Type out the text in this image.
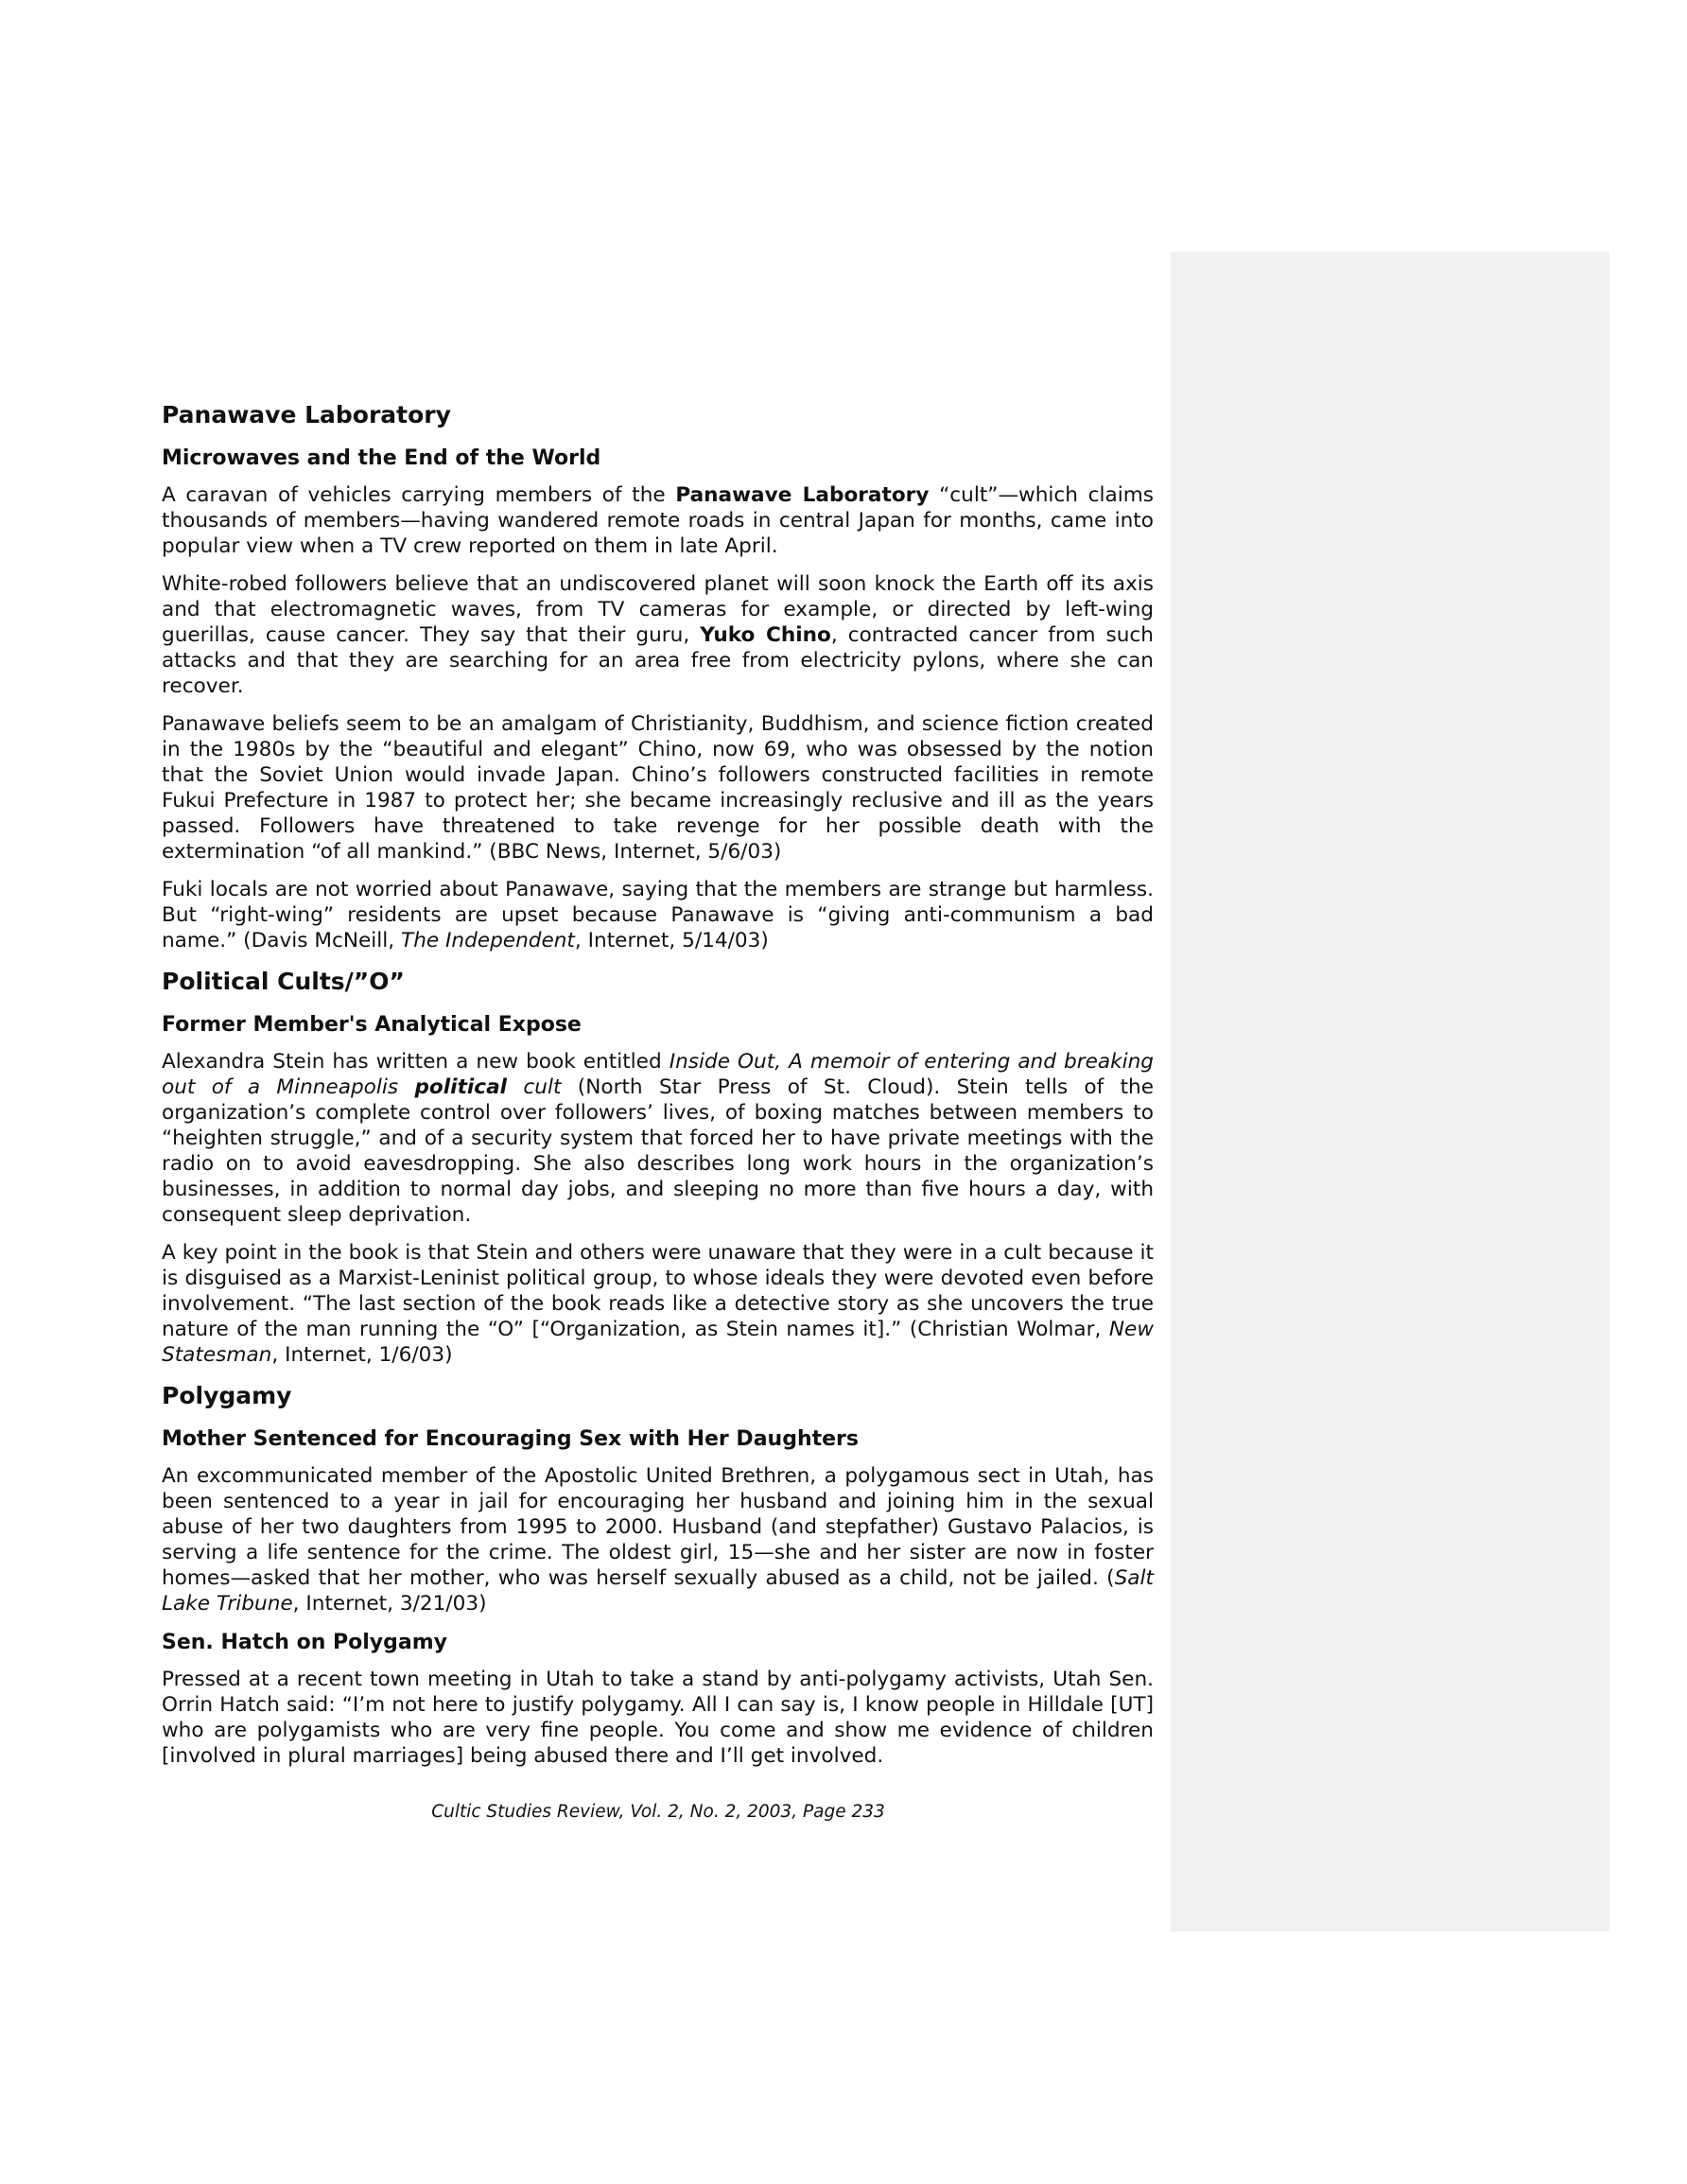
Panawave Laboratory
Microwaves and the End of the World

A caravan of vehicles carrying members of the Panawave Laboratory “cult”—which claims thousands of members—having wandered remote roads in central Japan for months, came into popular view when a TV crew reported on them in late April.

White-robed followers believe that an undiscovered planet will soon knock the Earth off its axis and that electromagnetic waves, from TV cameras for example, or directed by left-wing guerillas, cause cancer. They say that their guru, Yuko Chino, contracted cancer from such attacks and that they are searching for an area free from electricity pylons, where she can recover.

Panawave beliefs seem to be an amalgam of Christianity, Buddhism, and science fiction created in the 1980s by the “beautiful and elegant” Chino, now 69, who was obsessed by the notion that the Soviet Union would invade Japan. Chino’s followers constructed facilities in remote Fukui Prefecture in 1987 to protect her; she became increasingly reclusive and ill as the years passed. Followers have threatened to take revenge for her possible death with the extermination “of all mankind.” (BBC News, Internet, 5/6/03)

Fuki locals are not worried about Panawave, saying that the members are strange but harmless. But “right-wing” residents are upset because Panawave is “giving anti-communism a bad name.” (Davis McNeill, The Independent, Internet, 5/14/03)

Political Cults/”O”
Former Member's Analytical Expose

Alexandra Stein has written a new book entitled Inside Out, A memoir of entering and breaking out of a Minneapolis political cult (North Star Press of St. Cloud). Stein tells of the organization’s complete control over followers’ lives, of boxing matches between members to “heighten struggle,” and of a security system that forced her to have private meetings with the radio on to avoid eavesdropping. She also describes long work hours in the organization’s businesses, in addition to normal day jobs, and sleeping no more than five hours a day, with consequent sleep deprivation.

A key point in the book is that Stein and others were unaware that they were in a cult because it is disguised as a Marxist-Leninist political group, to whose ideals they were devoted even before involvement. “The last section of the book reads like a detective story as she uncovers the true nature of the man running the “O” [“Organization, as Stein names it].” (Christian Wolmar, New Statesman, Internet, 1/6/03)

Polygamy
Mother Sentenced for Encouraging Sex with Her Daughters

An excommunicated member of the Apostolic United Brethren, a polygamous sect in Utah, has been sentenced to a year in jail for encouraging her husband and joining him in the sexual abuse of her two daughters from 1995 to 2000. Husband (and stepfather) Gustavo Palacios, is serving a life sentence for the crime. The oldest girl, 15—she and her sister are now in foster homes—asked that her mother, who was herself sexually abused as a child, not be jailed. (Salt Lake Tribune, Internet, 3/21/03)

Sen. Hatch on Polygamy

Pressed at a recent town meeting in Utah to take a stand by anti-polygamy activists, Utah Sen. Orrin Hatch said: “I’m not here to justify polygamy. All I can say is, I know people in Hilldale [UT] who are polygamists who are very fine people. You come and show me evidence of children [involved in plural marriages] being abused there and I’ll get involved.

Cultic Studies Review, Vol. 2, No. 2, 2003, Page 233
